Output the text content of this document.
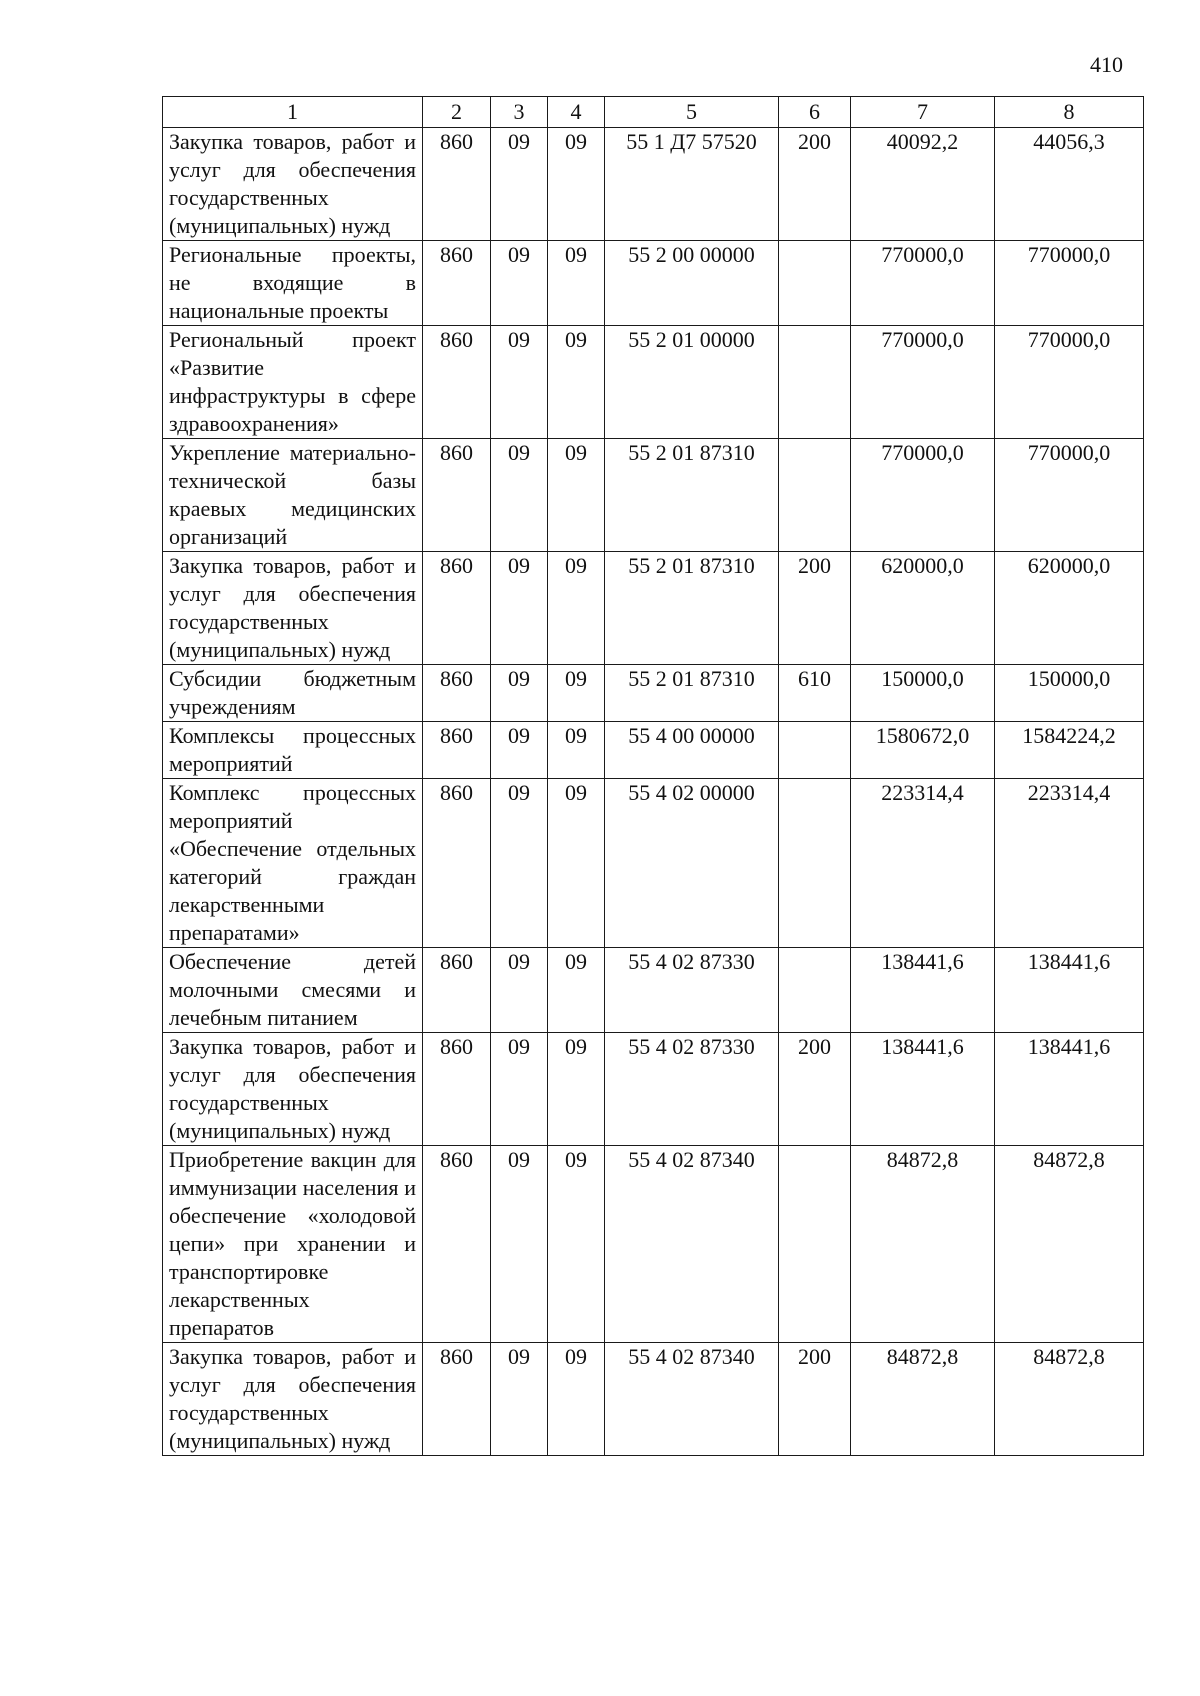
410
1	2	3	4	5	6	7	8
Закупка товаров, работ и услуг для обеспечения государственных (муниципальных) нужд	860	09	09	55 1 Д7 57520	200	40092,2	44056,3
Региональные проекты, не входящие в национальные проекты	860	09	09	55 2 00 00000		770000,0	770000,0
Региональный проект «Развитие инфраструктуры в сфере здравоохранения»	860	09	09	55 2 01 00000		770000,0	770000,0
Укрепление материально-технической базы краевых медицинских организаций	860	09	09	55 2 01 87310		770000,0	770000,0
Закупка товаров, работ и услуг для обеспечения государственных (муниципальных) нужд	860	09	09	55 2 01 87310	200	620000,0	620000,0
Субсидии бюджетным учреждениям	860	09	09	55 2 01 87310	610	150000,0	150000,0
Комплексы процессных мероприятий	860	09	09	55 4 00 00000		1580672,0	1584224,2
Комплекс процессных мероприятий «Обеспечение отдельных категорий граждан лекарственными препаратами»	860	09	09	55 4 02 00000		223314,4	223314,4
Обеспечение детей молочными смесями и лечебным питанием	860	09	09	55 4 02 87330		138441,6	138441,6
Закупка товаров, работ и услуг для обеспечения государственных (муниципальных) нужд	860	09	09	55 4 02 87330	200	138441,6	138441,6
Приобретение вакцин для иммунизации населения и обеспечение «холодовой цепи» при хранении и транспортировке лекарственных препаратов	860	09	09	55 4 02 87340		84872,8	84872,8
Закупка товаров, работ и услуг для обеспечения государственных (муниципальных) нужд	860	09	09	55 4 02 87340	200	84872,8	84872,8
